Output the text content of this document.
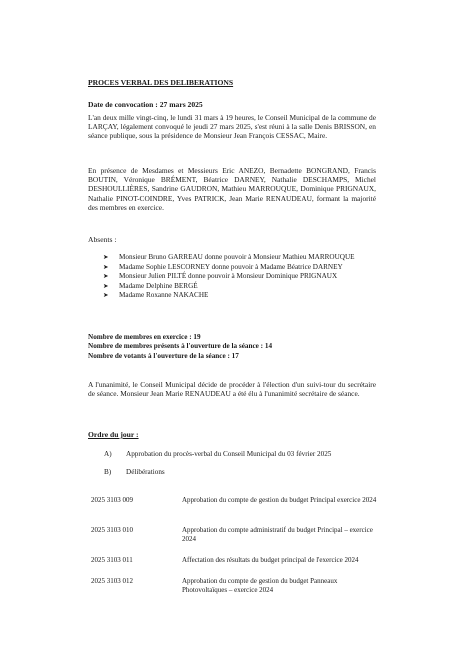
PROCES VERBAL DES DELIBERATIONS
Date de convocation : 27 mars 2025
L'an deux mille vingt-cinq, le lundi 31 mars à 19 heures, le Conseil Municipal de la commune de LARÇAY, légalement convoqué le jeudi 27 mars 2025, s'est réuni à la salle Denis BRISSON, en séance publique, sous la présidence de Monsieur Jean François CESSAC, Maire.
En présence de Mesdames et Messieurs Eric ANEZO, Bernadette BONGRAND, Francis BOUTIN, Véronique BRÉMENT, Béatrice DARNEY, Nathalie DESCHAMPS, Michel DESHOULLIÈRES, Sandrine GAUDRON, Mathieu MARROUQUE, Dominique PRIGNAUX, Nathalie PINOT-COINDRE, Yves PATRICK, Jean Marie RENAUDEAU, formant la majorité des membres en exercice.
Absents :
➤ Monsieur Bruno GARREAU donne pouvoir à Monsieur Mathieu MARROUQUE
➤ Madame Sophie LESCORNEY donne pouvoir à Madame Béatrice DARNEY
➤ Monsieur Julien PILTÉ donne pouvoir à Monsieur Dominique PRIGNAUX
➤ Madame Delphine BERGÉ
➤ Madame Roxanne NAKACHE
Nombre de membres en exercice : 19
Nombre de membres présents à l'ouverture de la séance : 14
Nombre de votants à l'ouverture de la séance : 17
A l'unanimité, le Conseil Municipal décide de procéder à l'élection d'un suivi-tour du secrétaire de séance. Monsieur Jean Marie RENAUDEAU a été élu à l'unanimité secrétaire de séance.
Ordre du jour :
A) Approbation du procès-verbal du Conseil Municipal du 03 février 2025
B) Délibérations
2025 3103 009	Approbation du compte de gestion du budget Principal exercice 2024
2025 3103 010	Approbation du compte administratif du budget Principal – exercice 2024
2025 3103 011	Affectation des résultats du budget principal de l'exercice 2024
2025 3103 012	Approbation du compte de gestion du budget Panneaux Photovoltaïques – exercice 2024
